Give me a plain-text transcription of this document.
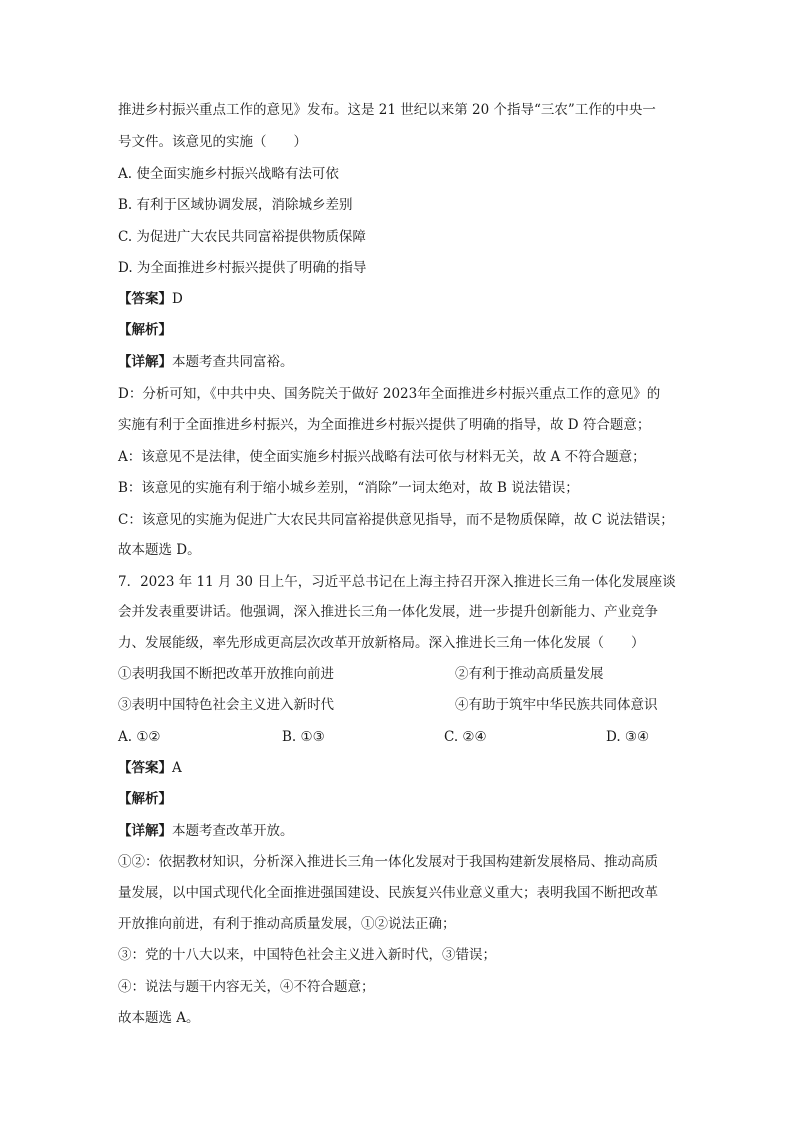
推进乡村振兴重点工作的意见》发布。这是 21 世纪以来第 20 个指导“三农”工作的中央一
号文件。该意见的实施（　　）
A. 使全面实施乡村振兴战略有法可依
B. 有利于区域协调发展，消除城乡差别
C. 为促进广大农民共同富裕提供物质保障
D. 为全面推进乡村振兴提供了明确的指导
【答案】D
【解析】
【详解】本题考查共同富裕。
D：分析可知，《中共中央、国务院关于做好 2023年全面推进乡村振兴重点工作的意见》的
实施有利于全面推进乡村振兴，为全面推进乡村振兴提供了明确的指导，故 D 符合题意；
A：该意见不是法律，使全面实施乡村振兴战略有法可依与材料无关，故 A 不符合题意；
B：该意见的实施有利于缩小城乡差别，“消除”一词太绝对，故 B 说法错误；
C：该意见的实施为促进广大农民共同富裕提供意见指导，而不是物质保障，故 C 说法错误；
故本题选 D。
7．2023 年 11 月 30 日上午，习近平总书记在上海主持召开深入推进长三角一体化发展座谈
会并发表重要讲话。他强调，深入推进长三角一体化发展，进一步提升创新能力、产业竞争
力、发展能级，率先形成更高层次改革开放新格局。深入推进长三角一体化发展（　　）
①表明我国不断把改革开放推向前进	②有利于推动高质量发展
③表明中国特色社会主义进入新时代	④有助于筑牢中华民族共同体意识
A. ①②	B. ①③	C. ②④	D. ③④
【答案】A
【解析】
【详解】本题考查改革开放。
①②：依据教材知识，分析深入推进长三角一体化发展对于我国构建新发展格局、推动高质
量发展，以中国式现代化全面推进强国建设、民族复兴伟业意义重大；表明我国不断把改革
开放推向前进，有利于推动高质量发展，①②说法正确；
③：党的十八大以来，中国特色社会主义进入新时代，③错误；
④：说法与题干内容无关，④不符合题意；
故本题选 A。
